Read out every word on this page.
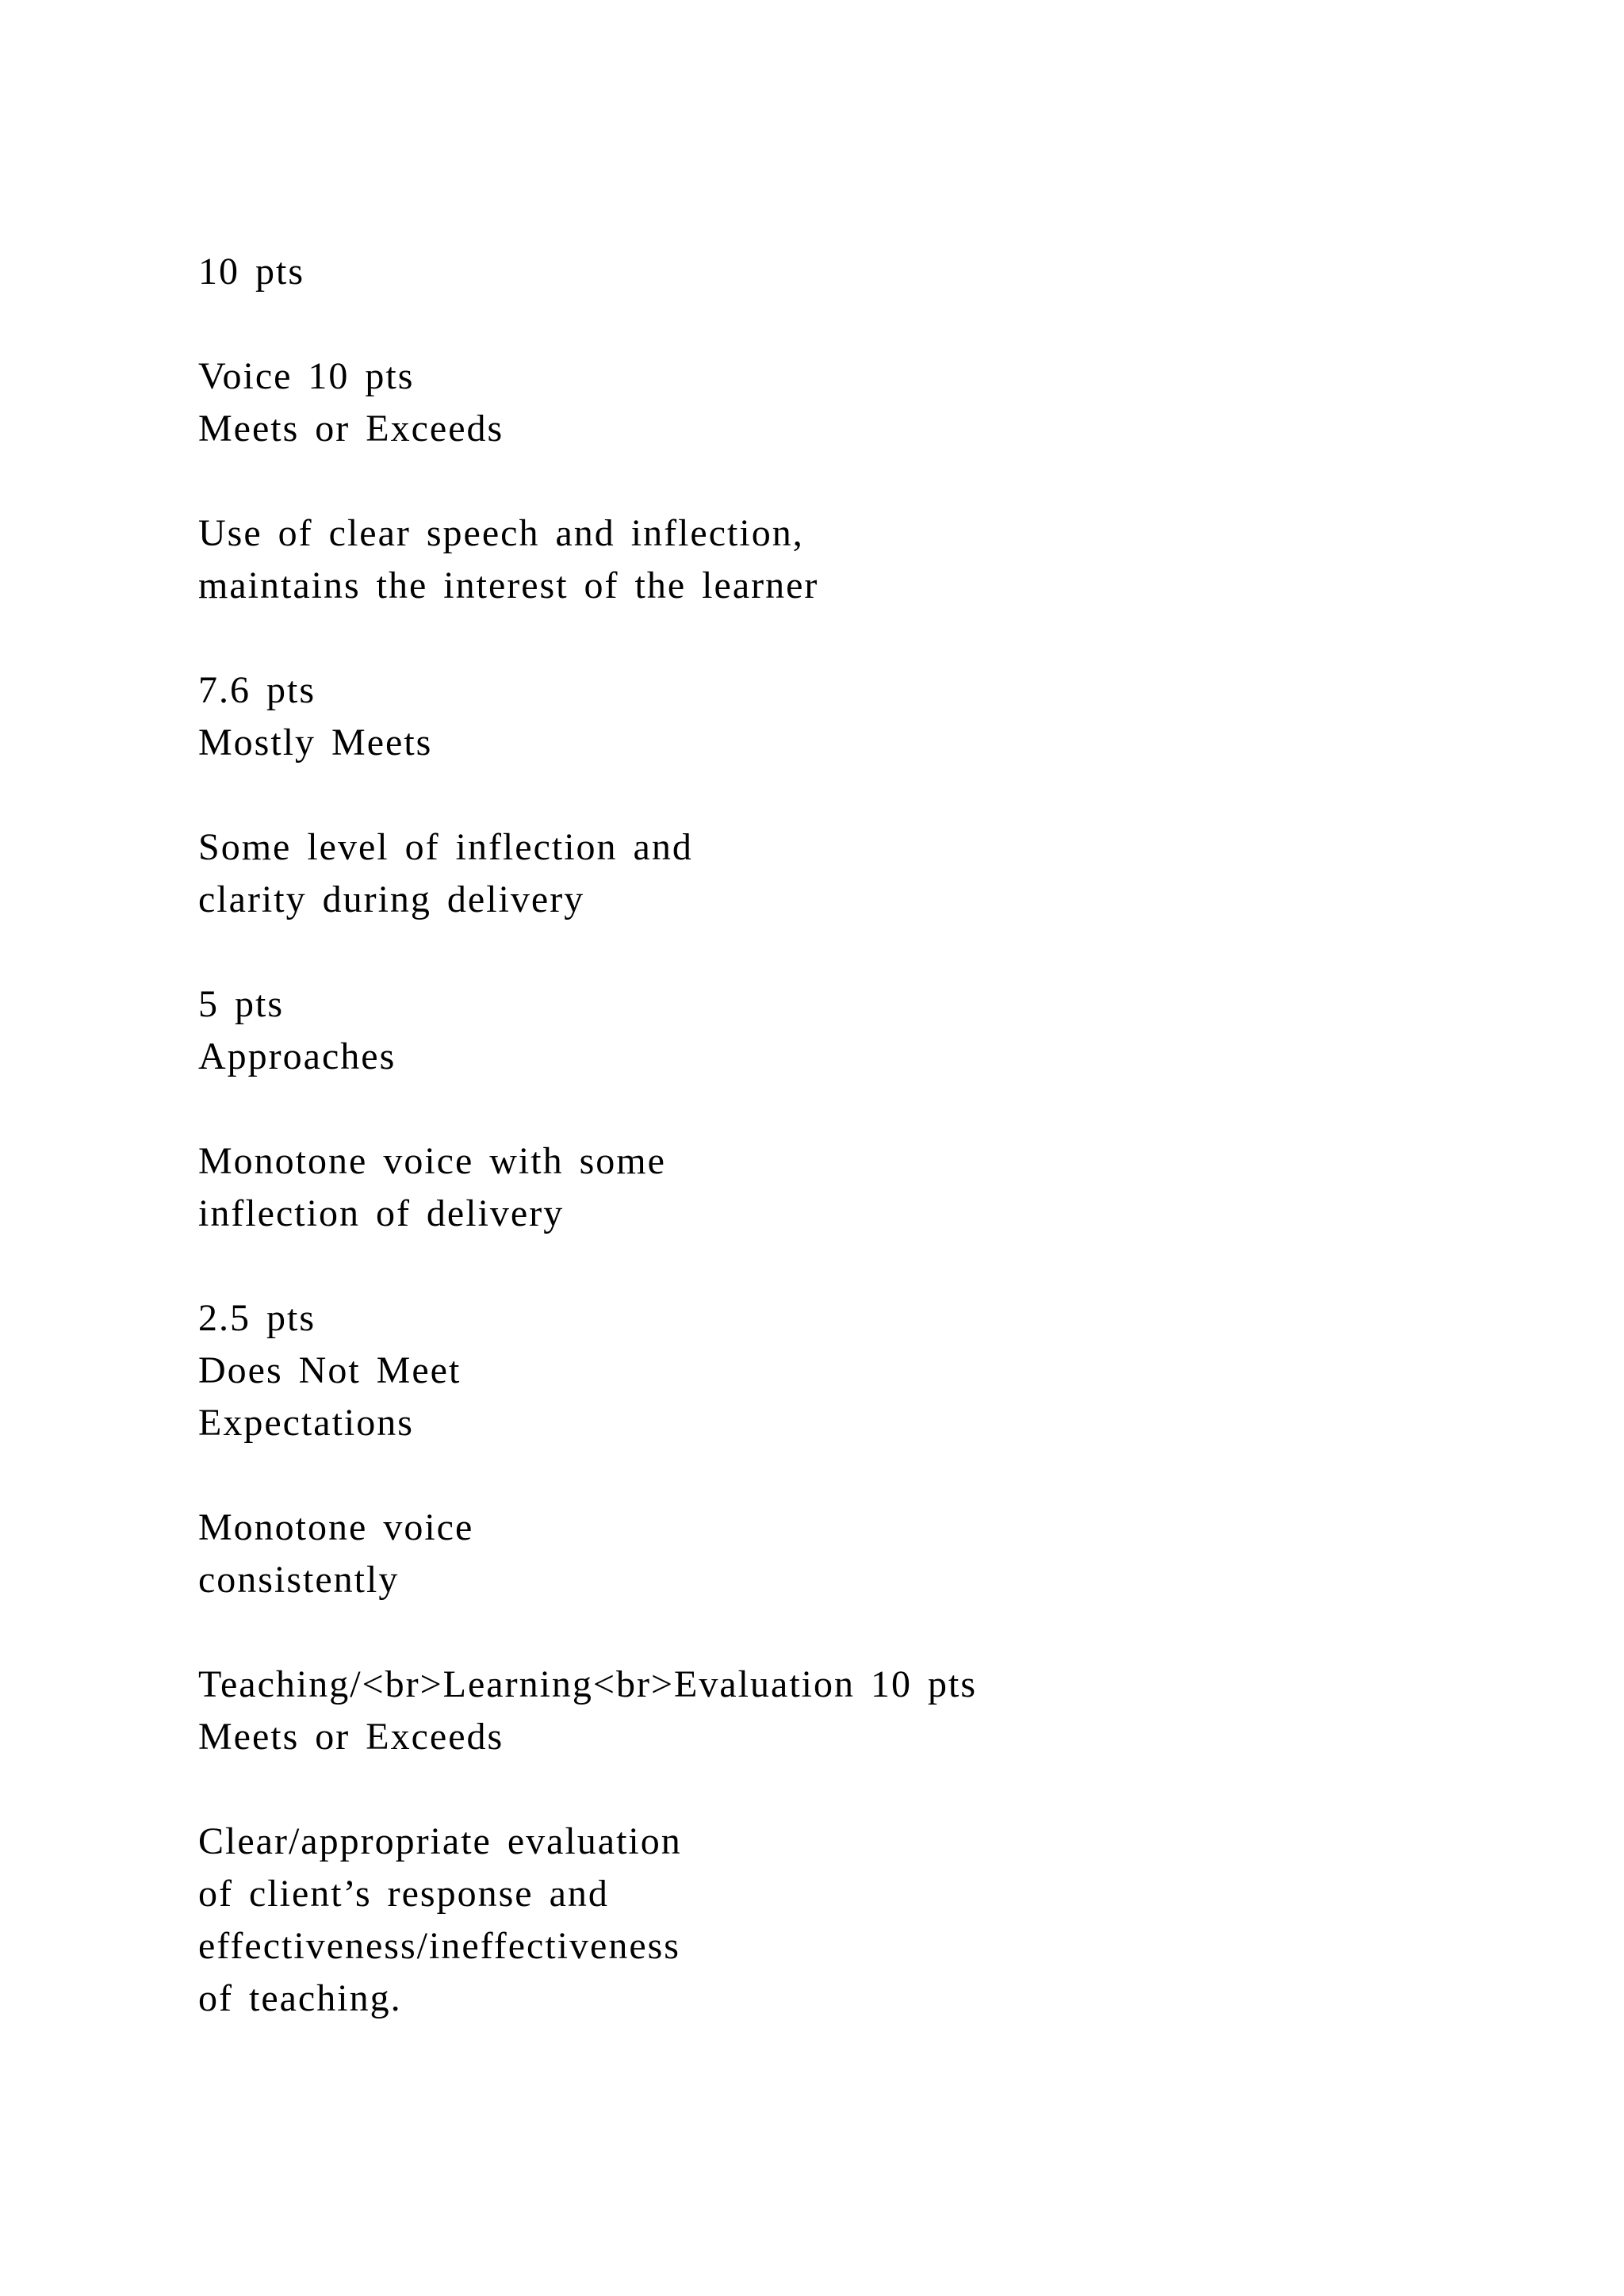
10 pts
Voice 10 pts
Meets or Exceeds
Use of clear speech and inflection,
maintains the interest of the learner
7.6 pts
Mostly Meets
Some level of inflection and
clarity during delivery
5 pts
Approaches
Monotone voice with some
inflection of delivery
2.5 pts
Does Not Meet
Expectations
Monotone voice
consistently
Teaching/<br>Learning<br>Evaluation 10 pts
Meets or Exceeds
Clear/appropriate evaluation
of client’s response and
effectiveness/ineffectiveness
of teaching.
